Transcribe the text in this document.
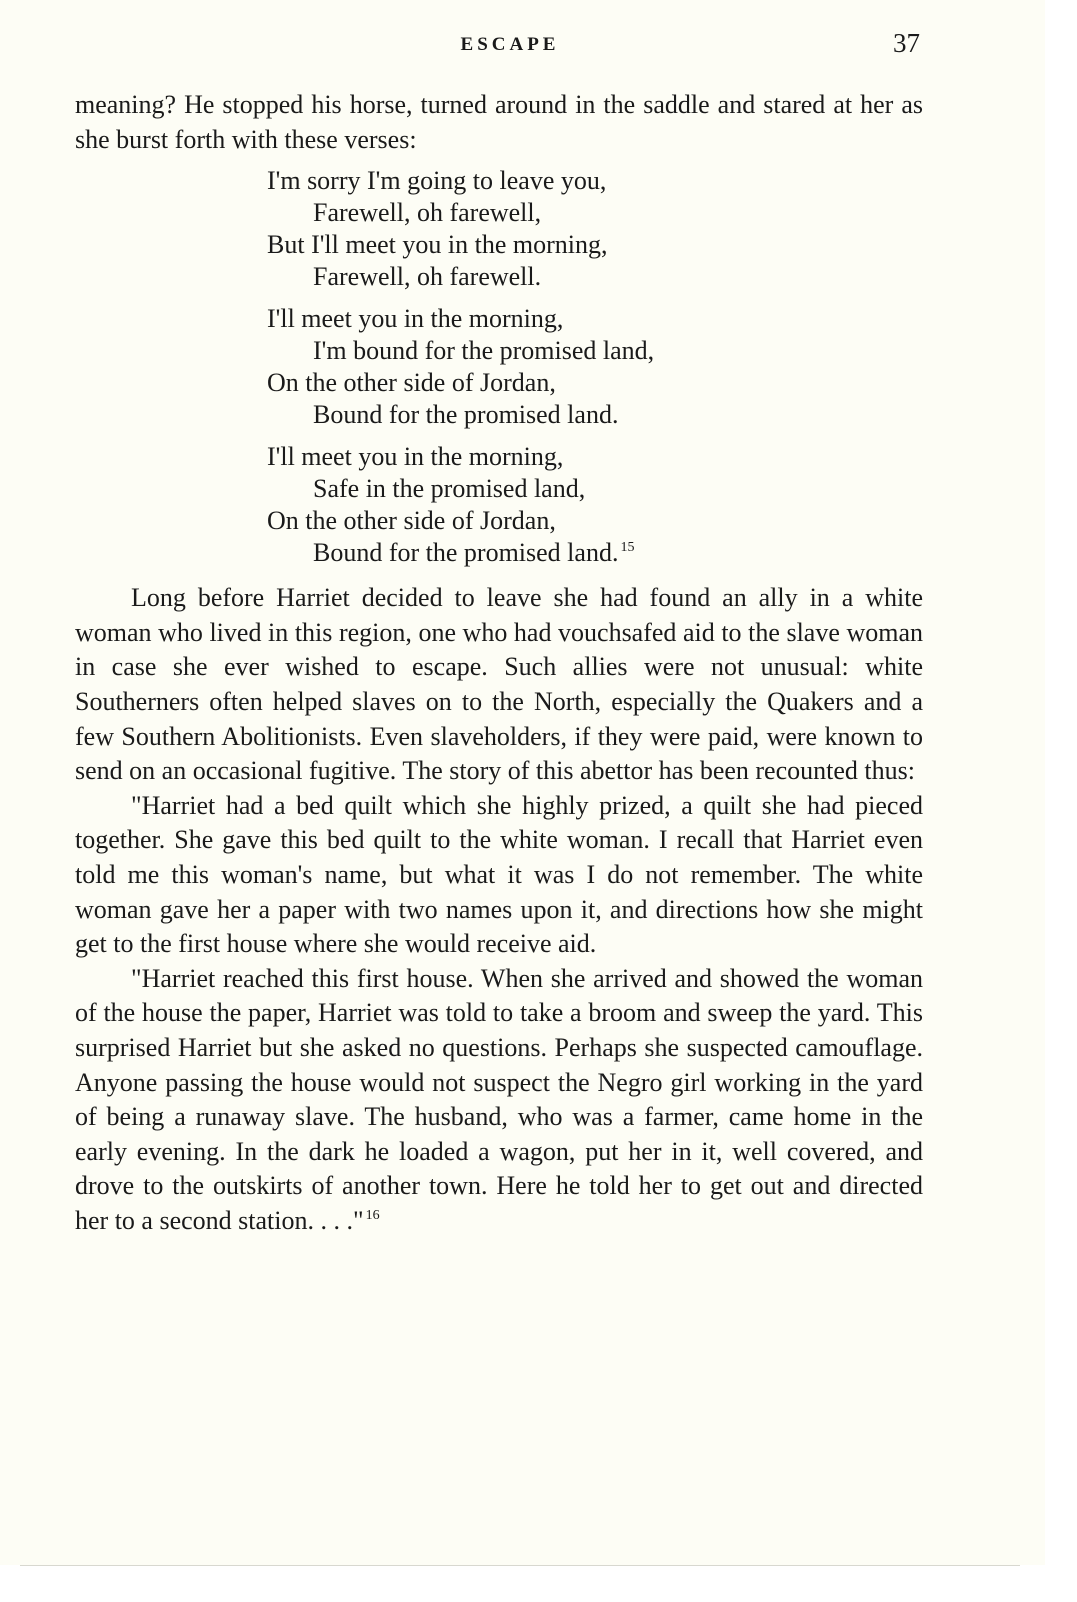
ESCAPE	37

meaning? He stopped his horse, turned around in the saddle and stared at her as she burst forth with these verses:

I'm sorry I'm going to leave you,
Farewell, oh farewell,
But I'll meet you in the morning,
Farewell, oh farewell.
I'll meet you in the morning,
I'm bound for the promised land,
On the other side of Jordan,
Bound for the promised land.
I'll meet you in the morning,
Safe in the promised land,
On the other side of Jordan,
Bound for the promised land. $^{15}$

Long before Harriet decided to leave she had found an ally in a white woman who lived in this region, one who had vouchsafed aid to the slave woman in case she ever wished to escape. Such allies were not unusual: white Southerners often helped slaves on to the North, especially the Quakers and a few Southern Abolitionists. Even slaveholders, if they were paid, were known to send on an occasional fugitive. The story of this abettor has been recounted thus:

"Harriet had a bed quilt which she highly prized, a quilt she had pieced together. She gave this bed quilt to the white woman. I recall that Harriet even told me this woman's name, but what it was I do not remember. The white woman gave her a paper with two names upon it, and directions how she might get to the first house where she would receive aid.

"Harriet reached this first house. When she arrived and showed the woman of the house the paper, Harriet was told to take a broom and sweep the yard. This surprised Harriet but she asked no questions. Perhaps she suspected camouflage. Anyone passing the house would not suspect the Negro girl working in the yard of being a runaway slave. The husband, who was a farmer, came home in the early evening. In the dark he loaded a wagon, put her in it, well covered, and drove to the outskirts of another town. Here he told her to get out and directed her to a second station. . . ." $^{16}$
